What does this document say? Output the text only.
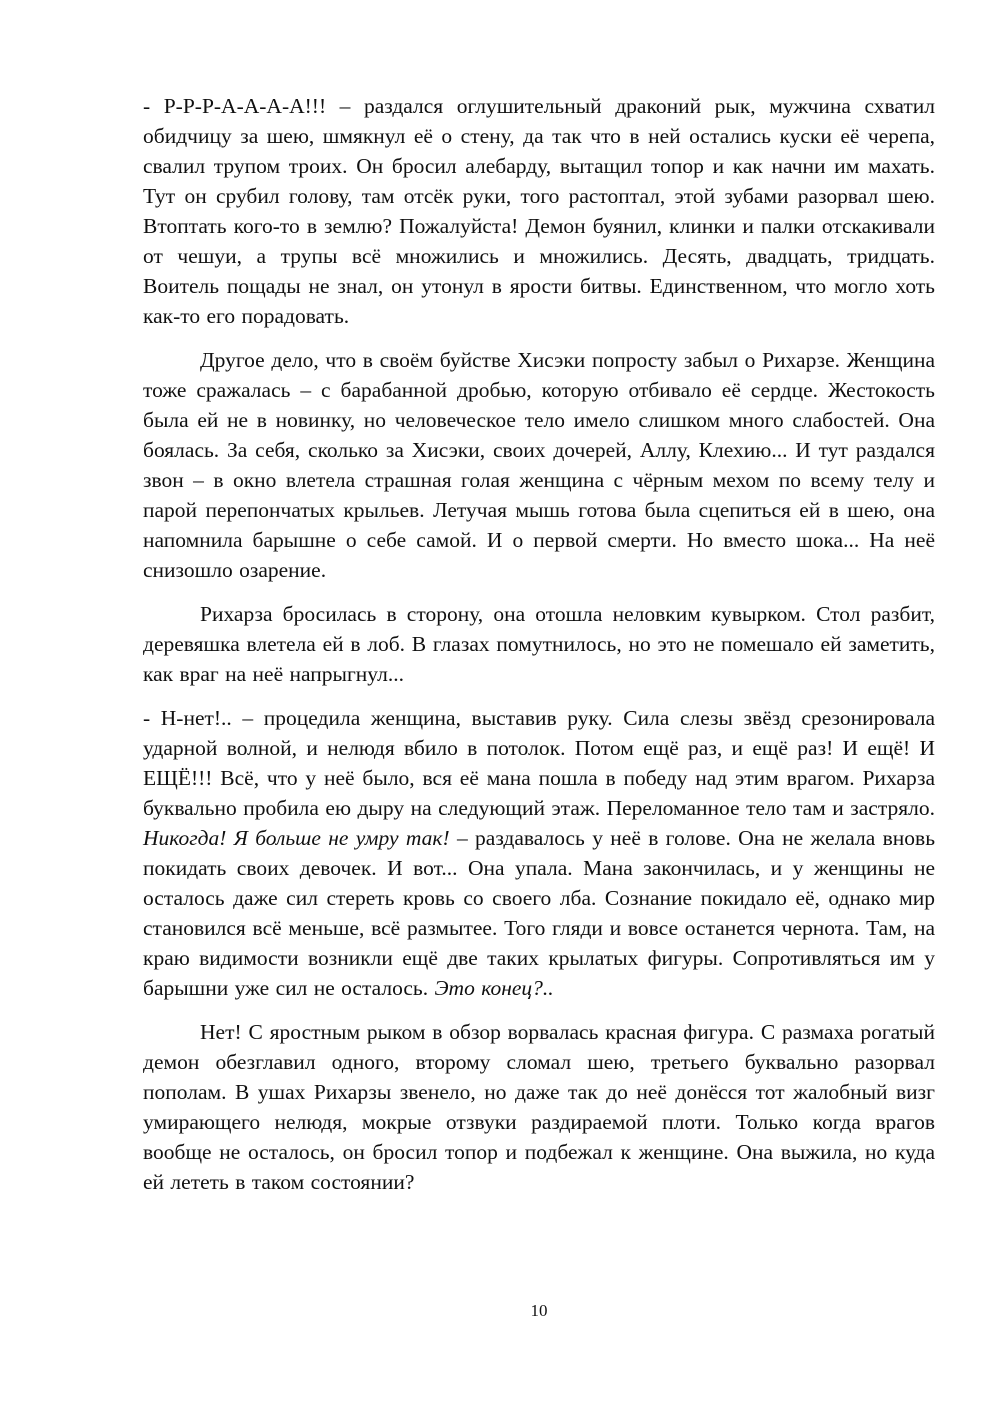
- Р-Р-Р-А-А-А-А!!! – раздался оглушительный драконий рык, мужчина схватил обидчицу за шею, шмякнул её о стену, да так что в ней остались куски её черепа, свалил трупом троих. Он бросил алебарду, вытащил топор и как начни им махать. Тут он срубил голову, там отсёк руки, того растоптал, этой зубами разорвал шею. Втоптать кого-то в землю? Пожалуйста! Демон буянил, клинки и палки отскакивали от чешуи, а трупы всё множились и множились. Десять, двадцать, тридцать. Воитель пощады не знал, он утонул в ярости битвы. Единственном, что могло хоть как-то его порадовать.

Другое дело, что в своём буйстве Хисэки попросту забыл о Рихарзе. Женщина тоже сражалась – с барабанной дробью, которую отбивало её сердце. Жестокость была ей не в новинку, но человеческое тело имело слишком много слабостей. Она боялась. За себя, сколько за Хисэки, своих дочерей, Аллу, Клехию... И тут раздался звон – в окно влетела страшная голая женщина с чёрным мехом по всему телу и парой перепончатых крыльев. Летучая мышь готова была сцепиться ей в шею, она напомнила барышне о себе самой. И о первой смерти. Но вместо шока... На неё снизошло озарение.

Рихарза бросилась в сторону, она отошла неловким кувырком. Стол разбит, деревяшка влетела ей в лоб. В глазах помутнилось, но это не помешало ей заметить, как враг на неё напрыгнул...

- Н-нет!.. – процедила женщина, выставив руку. Сила слезы звёзд срезонировала ударной волной, и нелюдя вбило в потолок. Потом ещё раз, и ещё раз! И ещё! И ЕЩЁ!!! Всё, что у неё было, вся её мана пошла в победу над этим врагом. Рихарза буквально пробила ею дыру на следующий этаж. Переломанное тело там и застряло. Никогда! Я больше не умру так! – раздавалось у неё в голове. Она не желала вновь покидать своих девочек. И вот... Она упала. Мана закончилась, и у женщины не осталось даже сил стереть кровь со своего лба. Сознание покидало её, однако мир становился всё меньше, всё размытее. Того гляди и вовсе останется чернота. Там, на краю видимости возникли ещё две таких крылатых фигуры. Сопротивляться им у барышни уже сил не осталось. Это конец?..

Нет! С яростным рыком в обзор ворвалась красная фигура. С размаха рогатый демон обезглавил одного, второму сломал шею, третьего буквально разорвал пополам. В ушах Рихарзы звенело, но даже так до неё донёсся тот жалобный визг умирающего нелюдя, мокрые отзвуки раздираемой плоти. Только когда врагов вообще не осталось, он бросил топор и подбежал к женщине. Она выжила, но куда ей лететь в таком состоянии?

10
